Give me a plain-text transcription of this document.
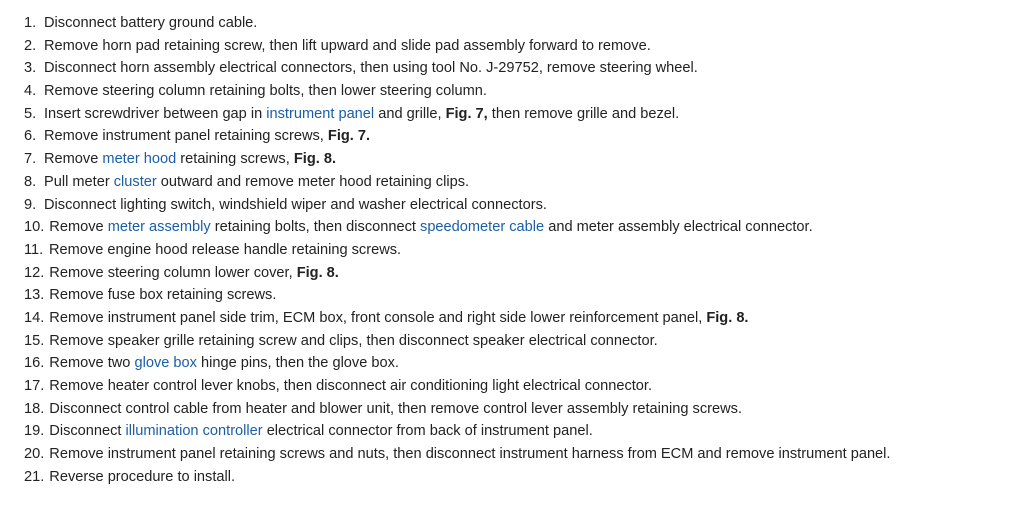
1. Disconnect battery ground cable.
2. Remove horn pad retaining screw, then lift upward and slide pad assembly forward to remove.
3. Disconnect horn assembly electrical connectors, then using tool No. J-29752, remove steering wheel.
4. Remove steering column retaining bolts, then lower steering column.
5. Insert screwdriver between gap in instrument panel and grille, Fig. 7, then remove grille and bezel.
6. Remove instrument panel retaining screws, Fig. 7.
7. Remove meter hood retaining screws, Fig. 8.
8. Pull meter cluster outward and remove meter hood retaining clips.
9. Disconnect lighting switch, windshield wiper and washer electrical connectors.
10. Remove meter assembly retaining bolts, then disconnect speedometer cable and meter assembly electrical connector.
11. Remove engine hood release handle retaining screws.
12. Remove steering column lower cover, Fig. 8.
13. Remove fuse box retaining screws.
14. Remove instrument panel side trim, ECM box, front console and right side lower reinforcement panel, Fig. 8.
15. Remove speaker grille retaining screw and clips, then disconnect speaker electrical connector.
16. Remove two glove box hinge pins, then the glove box.
17. Remove heater control lever knobs, then disconnect air conditioning light electrical connector.
18. Disconnect control cable from heater and blower unit, then remove control lever assembly retaining screws.
19. Disconnect illumination controller electrical connector from back of instrument panel.
20. Remove instrument panel retaining screws and nuts, then disconnect instrument harness from ECM and remove instrument panel.
21. Reverse procedure to install.
